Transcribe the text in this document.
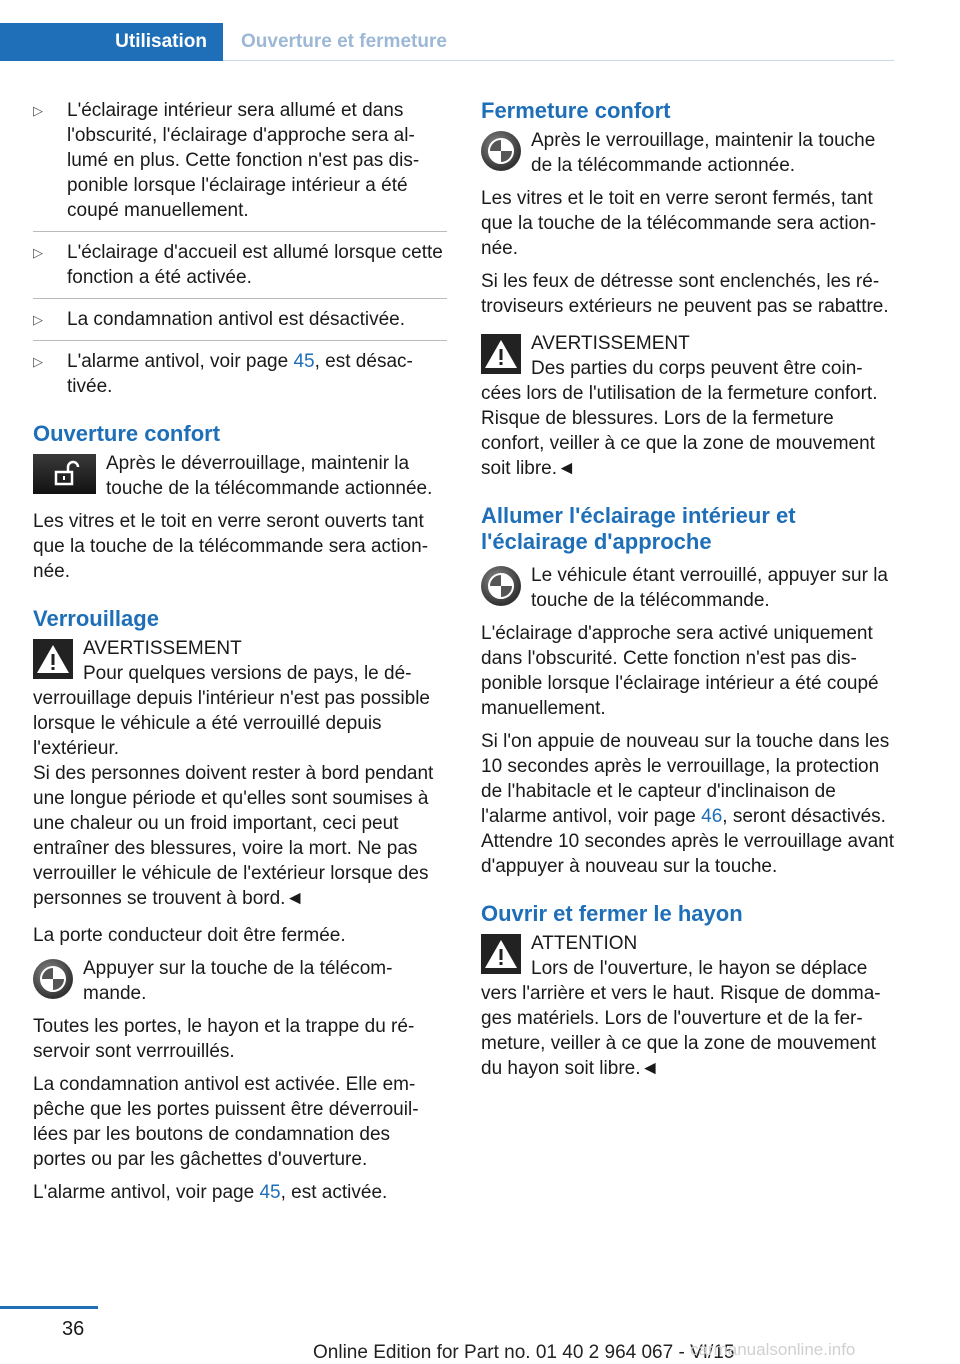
Utilisation	Ouverture et fermeture
▷ L'éclairage intérieur sera allumé et dans l'obscurité, l'éclairage d'approche sera allumé en plus. Cette fonction n'est pas disponible lorsque l'éclairage intérieur a été coupé manuellement.
▷ L'éclairage d'accueil est allumé lorsque cette fonction a été activée.
▷ La condamnation antivol est désactivée.
▷ L'alarme antivol, voir page 45, est désactivée.
Ouverture confort
Après le déverrouillage, maintenir la touche de la télécommande actionnée.

Les vitres et le toit en verre seront ouverts tant que la touche de la télécommande sera actionnée.

Verrouillage
AVERTISSEMENT
Pour quelques versions de pays, le déverrouillage depuis l'intérieur n'est pas possible lorsque le véhicule a été verrouillé depuis l'extérieur.

Si des personnes doivent rester à bord pendant une longue période et qu'elles sont soumises à une chaleur ou un froid important, ceci peut entraîner des blessures, voire la mort. Ne pas verrouiller le véhicule de l'extérieur lorsque des personnes se trouvent à bord.◄

La porte conducteur doit être fermée.

Appuyer sur la touche de la télécommande.

Toutes les portes, le hayon et la trappe du réservoir sont verrrouillés.

La condamnation antivol est activée. Elle empêche que les portes puissent être déverrouillées par les boutons de condamnation des portes ou par les gâchettes d'ouverture.

L'alarme antivol, voir page 45, est activée.

Fermeture confort
Après le verrouillage, maintenir la touche de la télécommande actionnée.

Les vitres et le toit en verre seront fermés, tant que la touche de la télécommande sera actionnée.

Si les feux de détresse sont enclenchés, les rétroviseurs extérieurs ne peuvent pas se rabattre.

AVERTISSEMENT
Des parties du corps peuvent être coincées lors de l'utilisation de la fermeture confort. Risque de blessures. Lors de la fermeture confort, veiller à ce que la zone de mouvement soit libre.◄
Allumer l'éclairage intérieur et l'éclairage d'approche
Le véhicule étant verrouillé, appuyer sur la touche de la télécommande.

L'éclairage d'approche sera activé uniquement dans l'obscurité. Cette fonction n'est pas disponible lorsque l'éclairage intérieur a été coupé manuellement.

Si l'on appuie de nouveau sur la touche dans les 10 secondes après le verrouillage, la protection de l'habitacle et le capteur d'inclinaison de l'alarme antivol, voir page 46, seront désactivés. Attendre 10 secondes après le verrouillage avant d'appuyer à nouveau sur la touche.

Ouvrir et fermer le hayon
ATTENTION
Lors de l'ouverture, le hayon se déplace vers l'arrière et vers le haut. Risque de dommages matériels. Lors de l'ouverture et de la fermeture, veiller à ce que la zone de mouvement du hayon soit libre.◄
36
Online Edition for Part no. 01 40 2 964 067 - VI/15
carmanualsonline.info
